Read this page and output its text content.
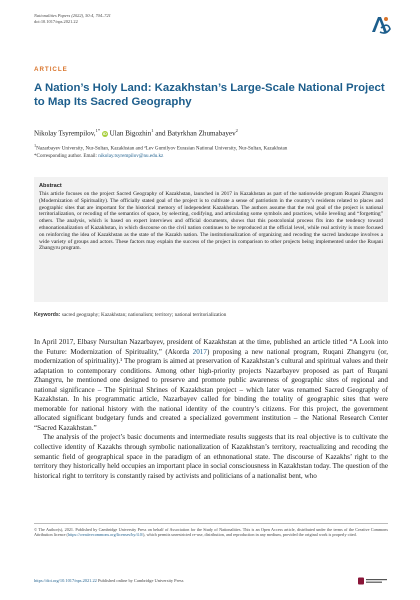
Nationalities Papers (2022), 50:4, 704–721
doi:10.1017/nps.2021.22
ARTICLE
A Nation’s Holy Land: Kazakhstan’s Large-Scale National Project to Map Its Sacred Geography
Nikolay Tsyrempilov,$^{1*}$ iD Ulan Bigozhin$^1$ and Batyrkhan Zhumabayev$^2$
$^1$Nazarbayev University, Nur-Sultan, Kazakhstan and ²Lev Gumilyov Eurasian National University, Nur-Sultan, Kazakhstan
*Corresponding author. Email: nikolay.tsyrempilov@nu.edu.kz
Abstract
This article focuses on the project Sacred Geography of Kazakhstan, launched in 2017 in Kazakhstan as part of the nationwide program Ruqani Zhangyru (Modernization of Spirituality). The officially stated goal of the project is to cultivate a sense of patriotism in the country’s residents related to places and geographic sites that are important for the historical memory of independent Kazakhstan. The authors assume that the real goal of the project is national territorialization, or recoding of the semantics of space, by selecting, codifying, and articulating some symbols and practices, while leveling and “forgetting” others. The analysis, which is based on expert interviews and official documents, shows that this postcolonial process fits into the tendency toward ethnonationalization of Kazakhstan, in which discourse on the civil nation continues to be reproduced at the official level, while real activity is more focused on reinforcing the idea of Kazakhstan as the state of the Kazakh nation. The institutionalization of organizing and recoding the sacred landscape involves a wide variety of groups and actors. These factors may explain the success of the project in comparison to other projects being implemented under the Ruqani Zhangyru program.
Keywords: sacred geography; Kazakhstan; nationalism; territory; national territorialization

In April 2017, Elbasy Nursultan Nazarbayev, president of Kazakhstan at the time, published an article titled “A Look into the Future: Modernization of Spirituality,” (Akorda 2017) proposing a new national program, Ruqani Zhangyru (or, modernization of spirituality).¹ The program is aimed at preservation of Kazakhstan’s cultural and spiritual values and their adaptation to contemporary conditions. Among other high-priority projects Nazarbayev proposed as part of Ruqani Zhangyru, he mentioned one designed to preserve and promote public awareness of geographic sites of regional and national significance – The Spiritual Shrines of Kazakhstan project – which later was renamed Sacred Geography of Kazakhstan. In his programmatic article, Nazarbayev called for binding the totality of geographic sites that were memorable for national history with the national identity of the country’s citizens. For this project, the government allocated significant budgetary funds and created a specialized government institution – the National Research Center “Sacred Kazakhstan.”

The analysis of the project’s basic documents and intermediate results suggests that its real objective is to cultivate the collective identity of Kazakhs through symbolic nationalization of Kazakhstan’s territory, reactualizing and recoding the semantic field of geographical space in the paradigm of an ethnonational state. The discourse of Kazakhs’ right to the territory they historically held occupies an important place in social consciousness in Kazakhstan today. The question of the historical right to territory is constantly raised by activists and politicians of a nationalist bent, who

© The Author(s), 2021. Published by Cambridge University Press on behalf of Association for the Study of Nationalities. This is an Open Access article, distributed under the terms of the Creative Commons Attribution licence (https://creativecommons.org/licenses/by/4.0/), which permits unrestricted re-use, distribution, and reproduction in any medium, provided the original work is properly cited.
https://doi.org/10.1017/nps.2021.22 Published online by Cambridge University Press
